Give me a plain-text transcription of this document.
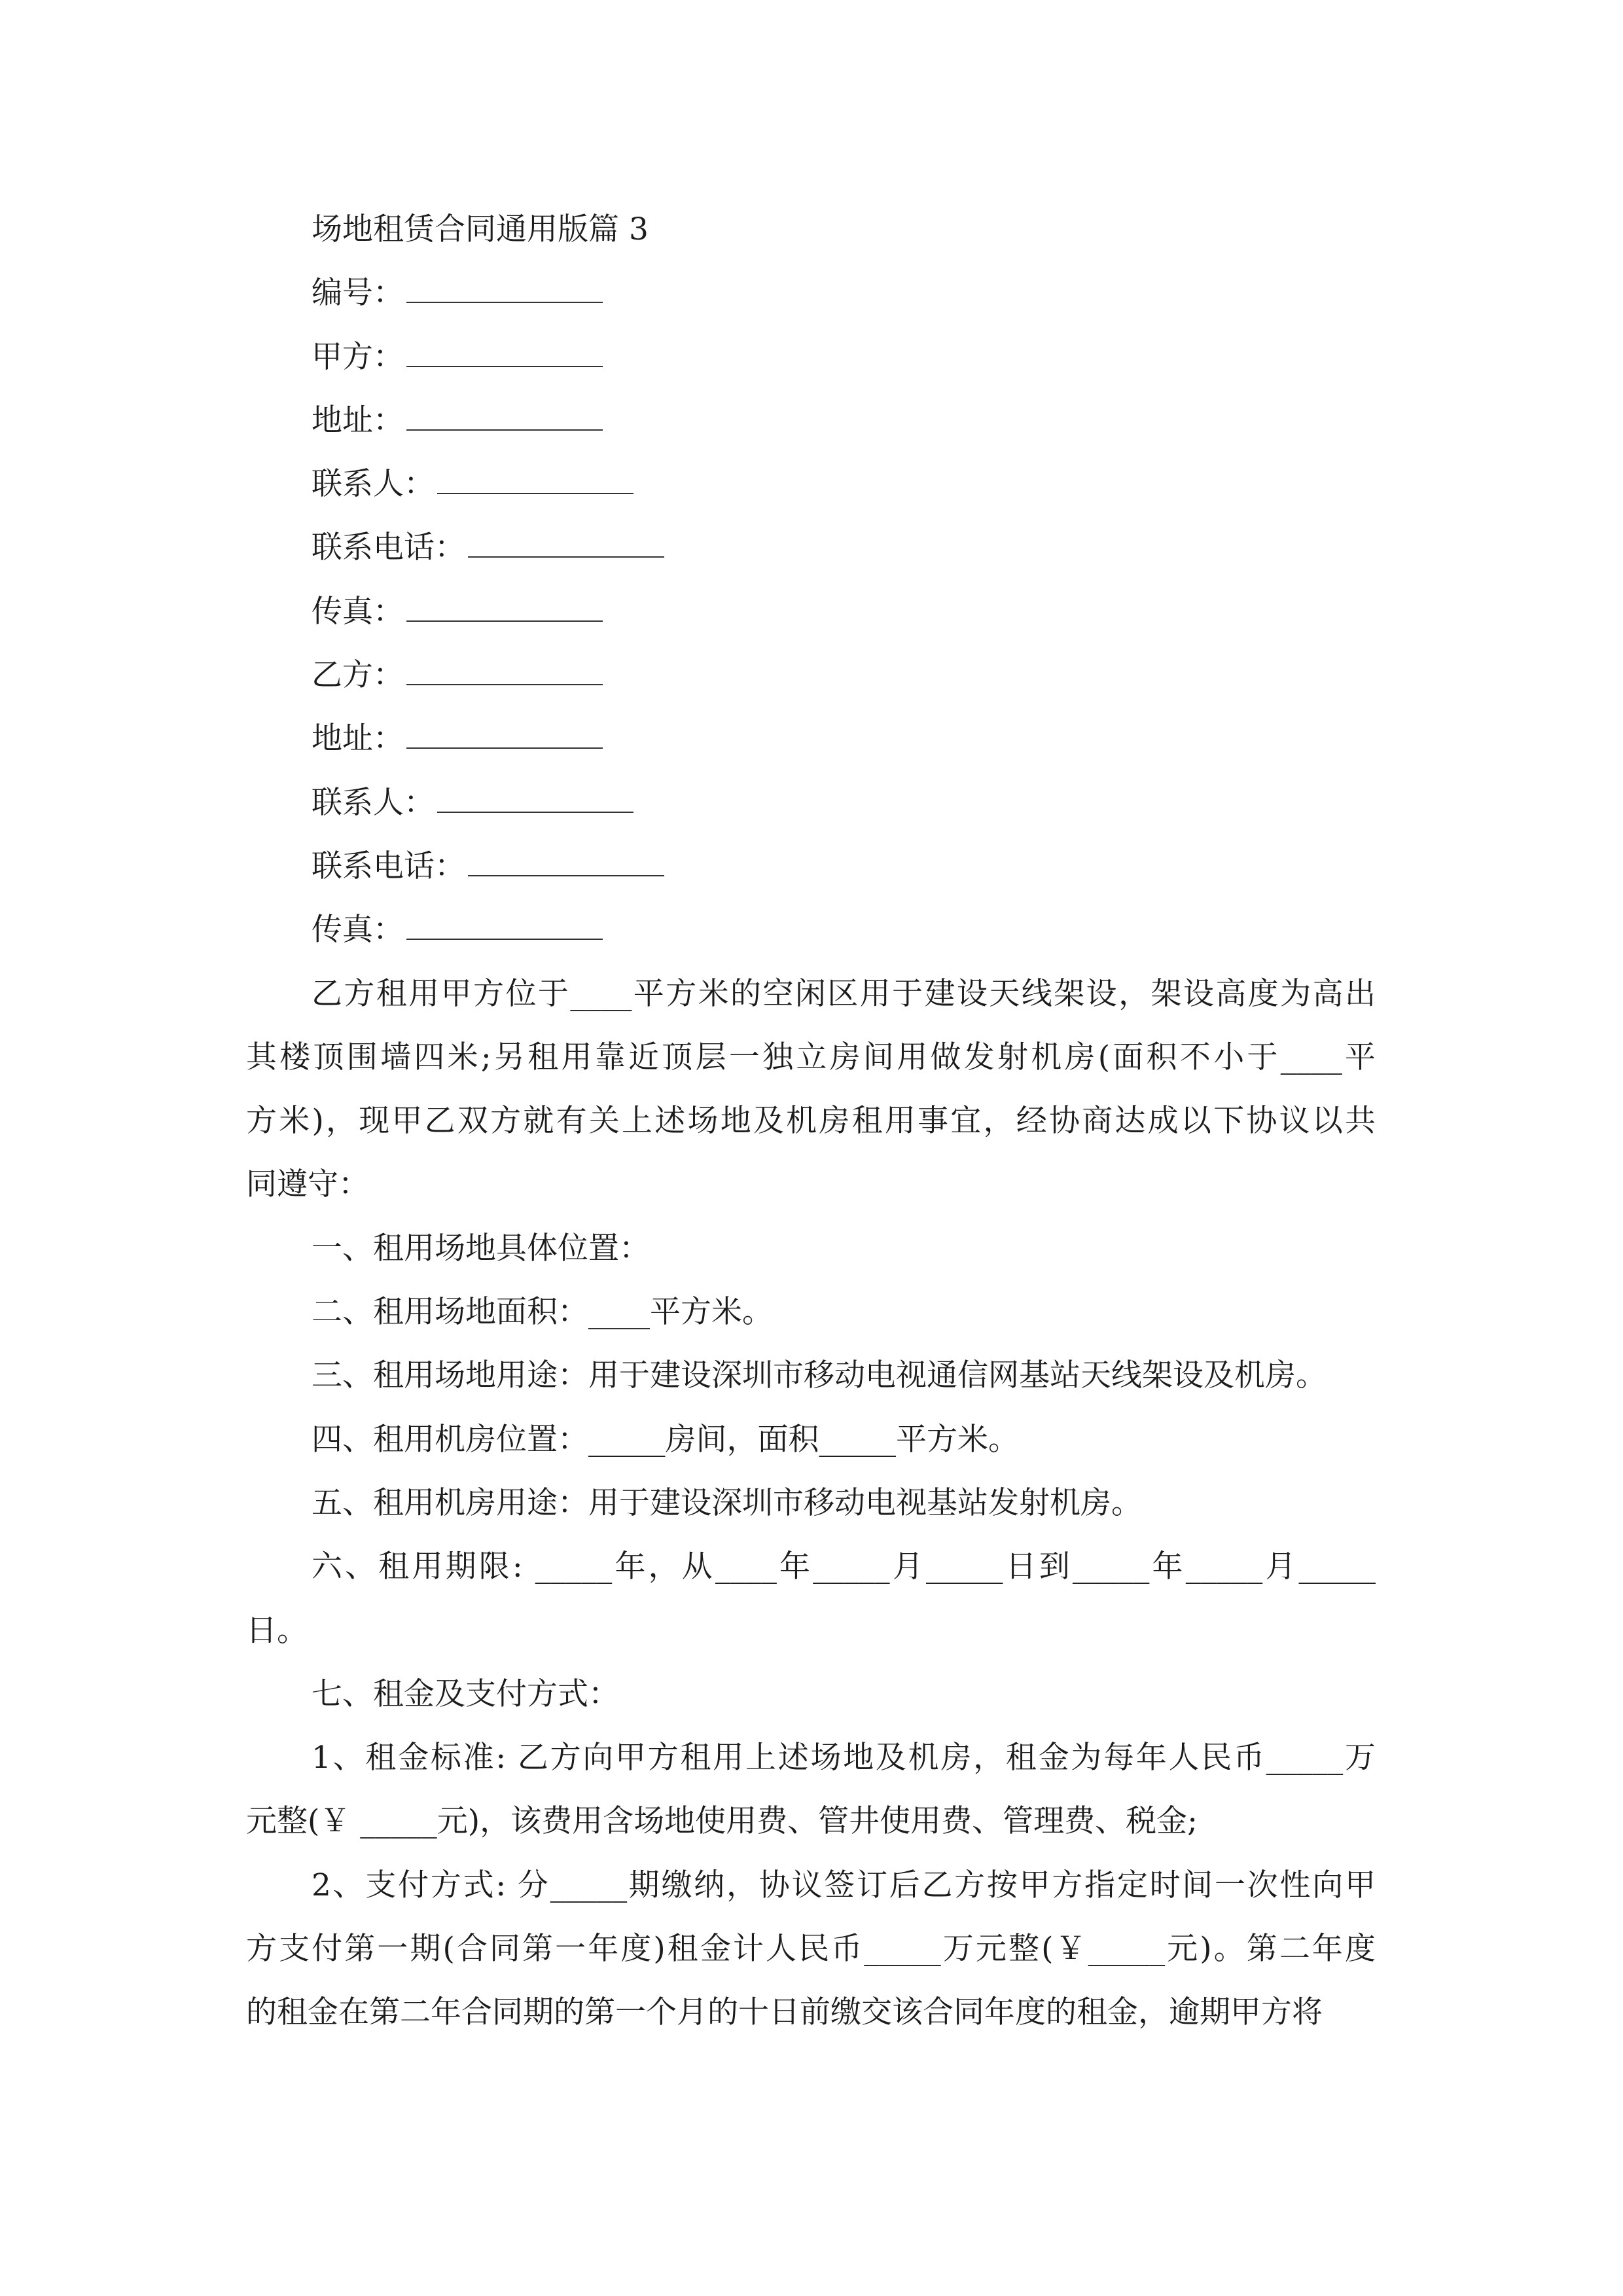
场地租赁合同通用版篇 3
编号：
甲方：
地址：
联系人：
联系电话：
传真：
乙方：
地址：
联系人：
联系电话：
传真：
乙方租用甲方位于____平方米的空闲区用于建设天线架设，架设高度为高出
其楼顶围墙四米;另租用靠近顶层一独立房间用做发射机房(面积不小于____平
方米)，现甲乙双方就有关上述场地及机房租用事宜，经协商达成以下协议以共
同遵守：
一、租用场地具体位置：
二、租用场地面积：____平方米。
三、租用场地用途：用于建设深圳市移动电视通信网基站天线架设及机房。
四、租用机房位置：_____房间，面积_____平方米。
五、租用机房用途：用于建设深圳市移动电视基站发射机房。
六、租用期限: _____年，从____年_____月_____日到_____年_____月_____
日。
七、租金及支付方式：
1、租金标准: 乙方向甲方租用上述场地及机房，租金为每年人民币_____万
元整(￥ _____元)，该费用含场地使用费、管井使用费、管理费、税金;
2、支付方式: 分_____期缴纳，协议签订后乙方按甲方指定时间一次性向甲
方支付第一期(合同第一年度)租金计人民币_____万元整(￥_____元)。第二年度
的租金在第二年合同期的第一个月的十日前缴交该合同年度的租金，逾期甲方将
